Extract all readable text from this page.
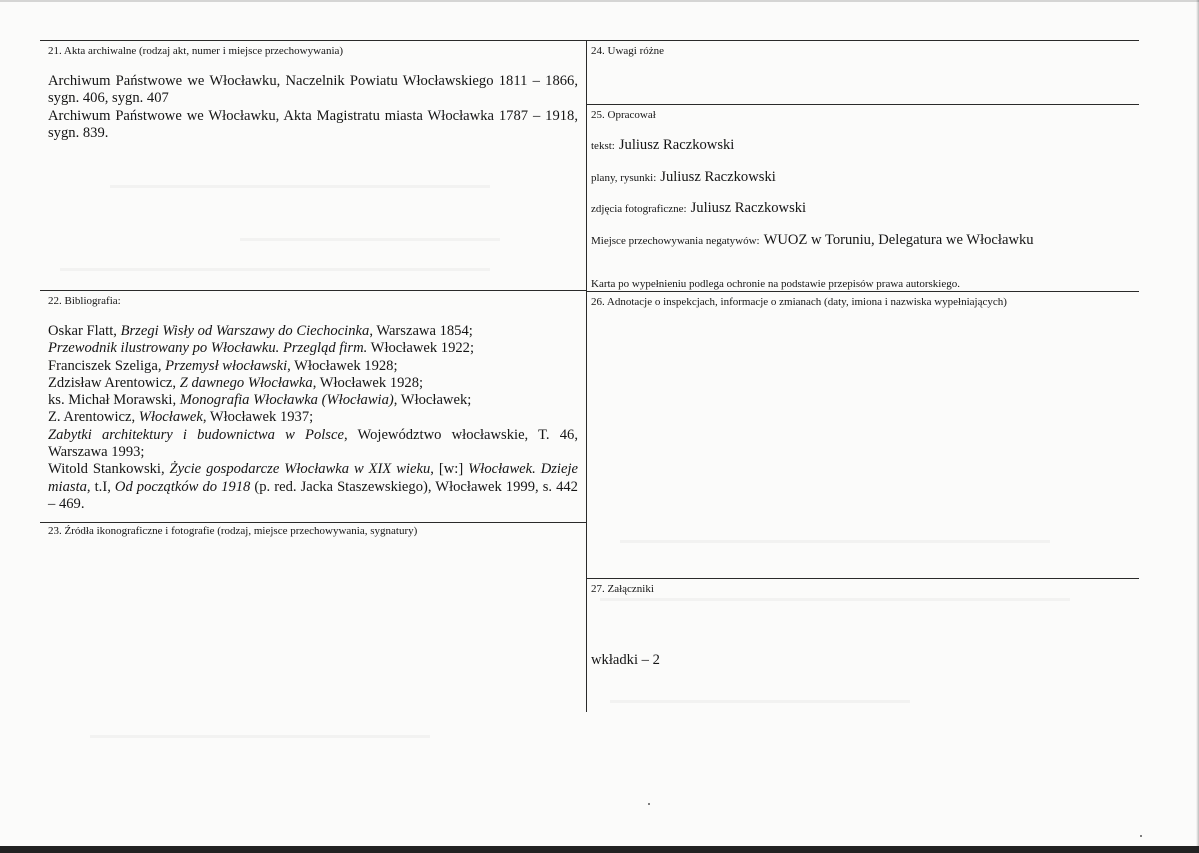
21. Akta archiwalne (rodzaj akt, numer i miejsce przechowywania)

Archiwum Państwowe we Włocławku, Naczelnik Powiatu Włocławskiego 1811 – 1866, sygn. 406, sygn. 407

Archiwum Państwowe we Włocławku, Akta Magistratu miasta Włocławka 1787 – 1918, sygn. 839.

22. Bibliografia:

Oskar Flatt, Brzegi Wisły od Warszawy do Ciechocinka, Warszawa 1854;

Przewodnik ilustrowany po Włocławku. Przegląd firm. Włocławek 1922;

Franciszek Szeliga, Przemysł włocławski, Włocławek 1928;

Zdzisław Arentowicz, Z dawnego Włocławka, Włocławek 1928;

ks. Michał Morawski, Monografia Włocławka (Włocławia), Włocławek;

Z. Arentowicz, Włocławek, Włocławek 1937;

Zabytki architektury i budownictwa w Polsce, Województwo włocławskie, T. 46, Warszawa 1993;

Witold Stankowski, Życie gospodarcze Włocławka w XIX wieku, [w:] Włocławek. Dzieje miasta, t.I, Od początków do 1918 (p. red. Jacka Staszewskiego), Włocławek 1999, s. 442 – 469.

23. Źródła ikonograficzne i fotografie (rodzaj, miejsce przechowywania, sygnatury)
24. Uwagi różne
25. Opracował
tekst: Juliusz Raczkowski
plany, rysunki: Juliusz Raczkowski
zdjęcia fotograficzne: Juliusz Raczkowski
Miejsce przechowywania negatywów: WUOZ w Toruniu, Delegatura we Włocławku
Karta po wypełnieniu podlega ochronie na podstawie przepisów prawa autorskiego.
26. Adnotacje o inspekcjach, informacje o zmianach (daty, imiona i nazwiska wypełniających)
27. Załączniki
wkładki – 2
